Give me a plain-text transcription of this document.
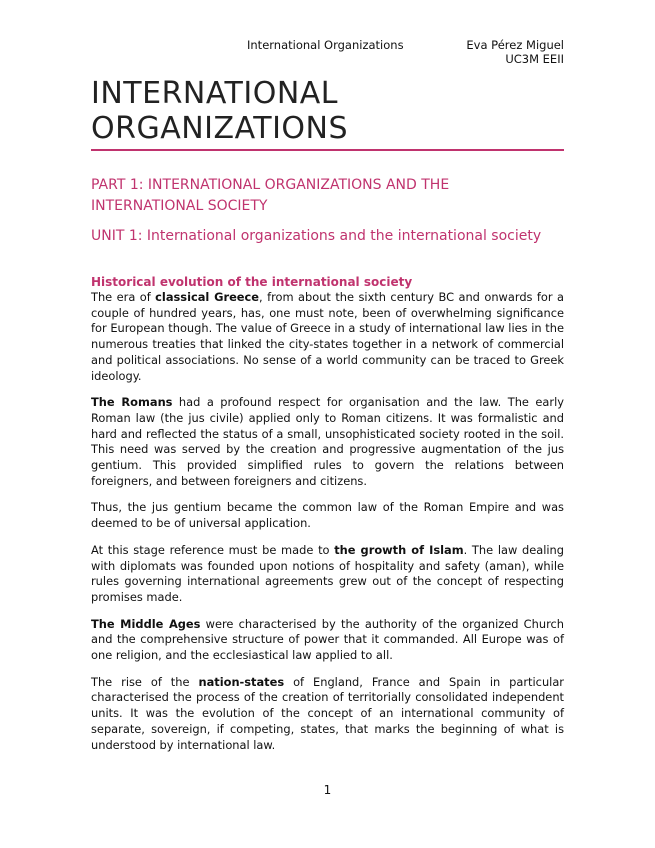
International Organizations	Eva Pérez Miguel
UC3M EEII
INTERNATIONAL
ORGANIZATIONS
PART 1: INTERNATIONAL ORGANIZATIONS AND THE INTERNATIONAL SOCIETY
UNIT 1: International organizations and the international society
Historical evolution of the international society

The era of classical Greece, from about the sixth century BC and onwards for a couple of hundred years, has, one must note, been of overwhelming significance for European though. The value of Greece in a study of international law lies in the numerous treaties that linked the city-states together in a network of commercial and political associations. No sense of a world community can be traced to Greek ideology.

The Romans had a profound respect for organisation and the law. The early Roman law (the jus civile) applied only to Roman citizens. It was formalistic and hard and reflected the status of a small, unsophisticated society rooted in the soil. This need was served by the creation and progressive augmentation of the jus gentium. This provided simplified rules to govern the relations between foreigners, and between foreigners and citizens.

Thus, the jus gentium became the common law of the Roman Empire and was deemed to be of universal application.

At this stage reference must be made to the growth of Islam. The law dealing with diplomats was founded upon notions of hospitality and safety (aman), while rules governing international agreements grew out of the concept of respecting promises made.

The Middle Ages were characterised by the authority of the organized Church and the comprehensive structure of power that it commanded. All Europe was of one religion, and the ecclesiastical law applied to all.

The rise of the nation-states of England, France and Spain in particular characterised the process of the creation of territorially consolidated independent units. It was the evolution of the concept of an international community of separate, sovereign, if competing, states, that marks the beginning of what is understood by international law.

1
